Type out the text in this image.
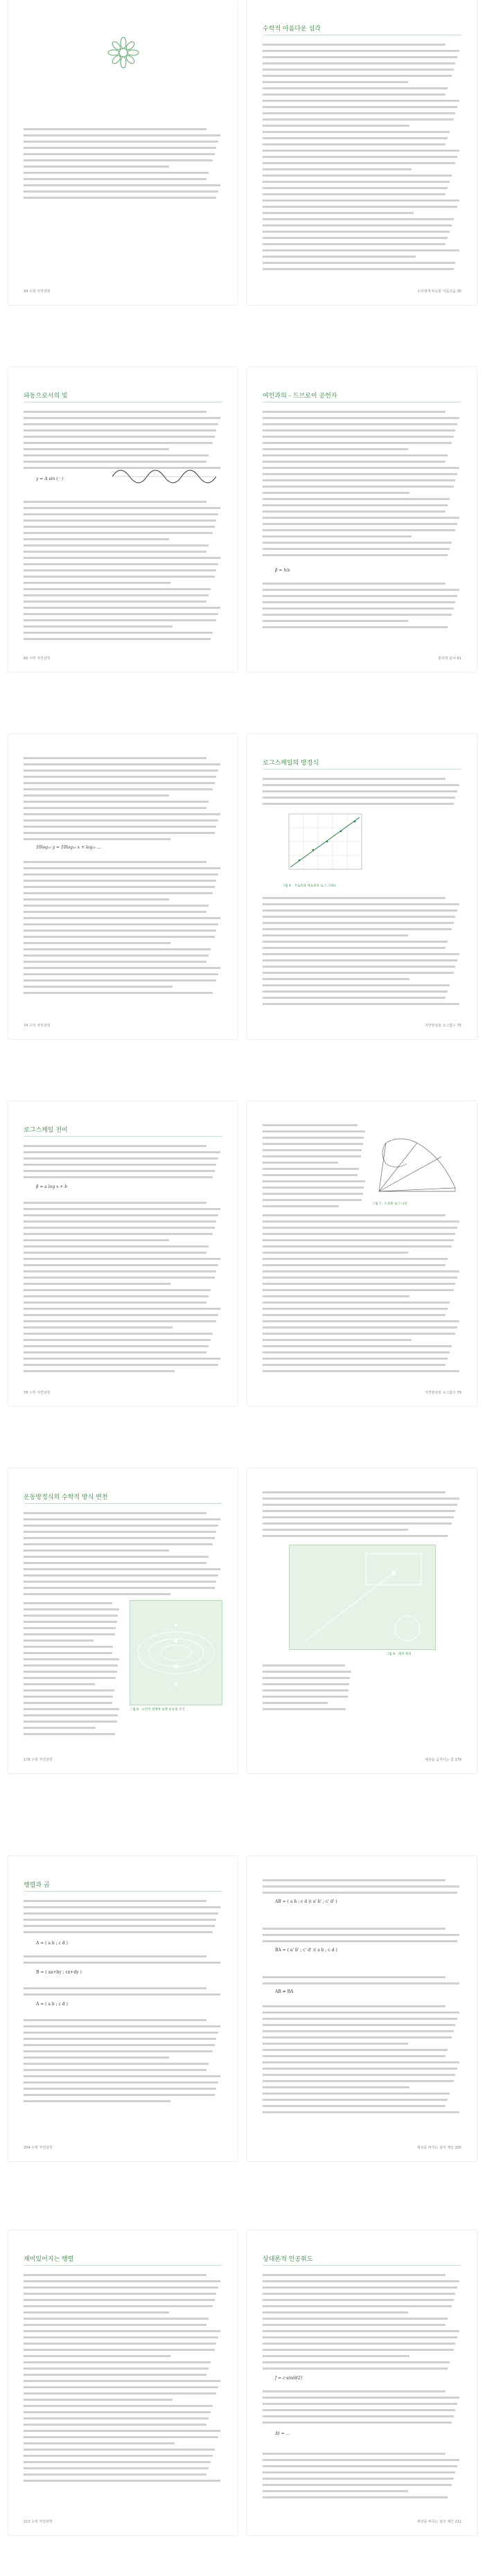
34 수학 자연과학
수학적 아름다운 섬각
우리에게 익숙한 아름다움 35
파동으로서의 빛
y = A sin ( · )
60 수학 자연과학
여인과의 - 드브로이 공헌자
β = h/s
물리학 분야 61
10log₁₀ y = 10log₁₀ x + log₁₀ ...
74 수학 자연과학
로그스케일의 방정식
그림 6 - 가로축과 세로축의 로그 그래프
자연현상과 로그함수 75
로그스케일 전이
β = a log x + b
78 수학 자연과학
그림 7 - 오목원 로그 나선
자연현상과 로그함수 79
운동방정식의 수학적 방식 변천
그림 8 - 뉴턴이 설명한 로켓 운동의 모식
178 수학 자연과학
그림 9 - 궤적 위치
세상을 움직이는 힘 179
행렬과 곱
A = ( a b ; c d )
B = ( ax+by ; cx+dy )
A = ( a b ; c d )
204 수학 자연과학
AB = ( a b ; c d )( a' b' ; c' d' )
BA = ( a' b' ; c' d' )( a b ; c d )
AB ≠ BA
세상을 바꾸는 섬각 계산 205
재미있어지는 행렬
210 수학 자연과학
상대론적 인공위도
f = c·sin(θ/2)
Δt = ...
세상을 바꾸는 섬각 계산 211
